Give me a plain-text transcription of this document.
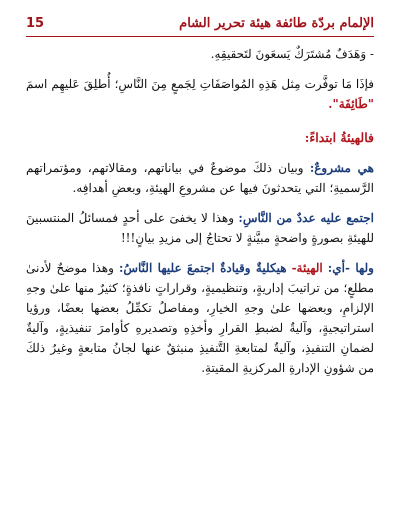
الإلمام بردّة طائفة هيئة تحرير الشام
15

- وَهَدَفٌ مُشتَرَكٌ يَسعَونَ لتَحقيقِهِ.

فإذَا مَا توفَّرت مِثل هَذِهِ المُواصَفَاتِ لِجَمعٍ مِنَ النَّاسِ؛ أُطلِقَ عَليهِم اسمَ "طَائِفَة".

فالهيئةُ ابتداءً:

هي مشروعٌ: وبيان ذلكَ موضوعٌ في بياناتهم، ومقالاتهم، ومؤتمراتهم الرَّسميةِ؛ التي يتحدثونَ فيها عن مشروعِ الهيئةِ، وبعضِ أهدافِه.

اجتمع عليه عددٌ من النَّاسِ: وهذا لا يخفىَ على أحدٍ فمسائلُ المنتسبينَ للهيئةِ بصورةٍ واضحةٍ مبيَّنةٍ لا تحتاجُ إلى مزيدِ بيانٍ!!!

ولها -أي: الهيئة- هيكليةٌ وقيادةٌ اجتمعَ عليها النَّاسُ: وهذا موضحٌ لأدنىٰ مطلعٍ؛ من تراتيبَ إداريةٍ، وتنظيميةٍ، وقراراتٍ نافذةٍ؛ كثيرٌ منها علىٰ وجهِ الإلزامِ، وبعضها علىٰ وجهِ الخيارِ، ومفاصلُ تكمِّلُ بعضها بعضًا، ورؤيا استراتيجيةٍ، وآليةٌ لضبطِ القرارِ وأخذِهِ وتصديرهِ كأوامرَ تنفيذيةٍ، وآليةٌ لضمانِ التنفيذِ، وآليةٌ لمتابعةِ التَّنفيذِ منبثقٌ عنها لجانُ متابعةٍ وغيرُ ذلكَ من شؤونِ الإدارةِ المركزيةِ المقيتةِ.
